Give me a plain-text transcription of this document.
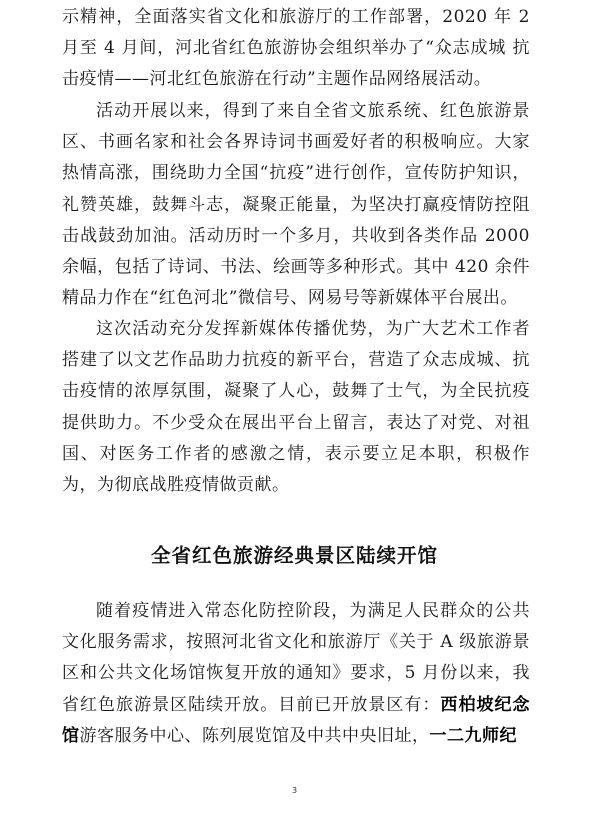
示精神，全面落实省文化和旅游厅的工作部署，2020 年 2 月至 4 月间，河北省红色旅游协会组织举办了“众志成城 抗击疫情——河北红色旅游在行动”主题作品网络展活动。

活动开展以来，得到了来自全省文旅系统、红色旅游景区、书画名家和社会各界诗词书画爱好者的积极响应。大家热情高涨，围绕助力全国“抗疫”进行创作，宣传防护知识，礼赞英雄，鼓舞斗志，凝聚正能量，为坚决打赢疫情防控阻击战鼓劲加油。活动历时一个多月，共收到各类作品 2000 余幅，包括了诗词、书法、绘画等多种形式。其中 420 余件精品力作在“红色河北”微信号、网易号等新媒体平台展出。

这次活动充分发挥新媒体传播优势，为广大艺术工作者搭建了以文艺作品助力抗疫的新平台，营造了众志成城、抗击疫情的浓厚氛围，凝聚了人心，鼓舞了士气，为全民抗疫提供助力。不少受众在展出平台上留言，表达了对党、对祖国、对医务工作者的感激之情，表示要立足本职，积极作为，为彻底战胜疫情做贡献。

全省红色旅游经典景区陆续开馆

随着疫情进入常态化防控阶段，为满足人民群众的公共文化服务需求，按照河北省文化和旅游厅《关于 A 级旅游景区和公共文化场馆恢复开放的通知》要求，5 月份以来，我省红色旅游景区陆续开放。目前已开放景区有：西柏坡纪念馆游客服务中心、陈列展览馆及中共中央旧址，一二九师纪

3
